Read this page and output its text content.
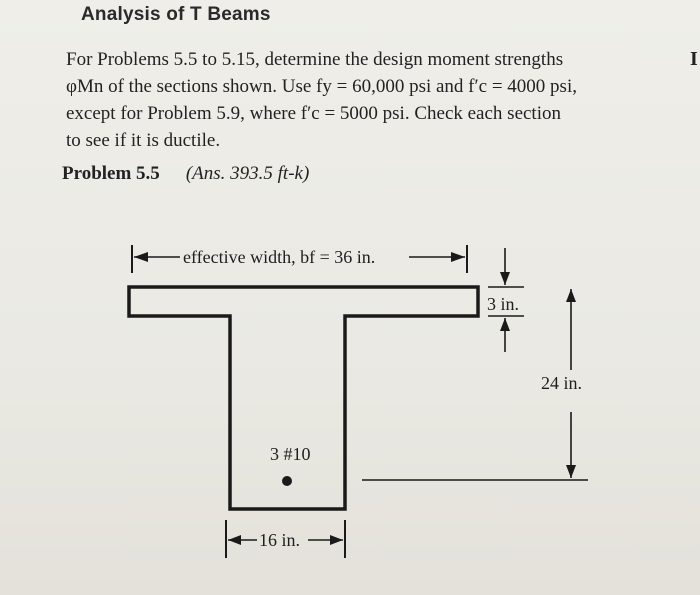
Analysis of T Beams
For Problems 5.5 to 5.15, determine the design moment strengths
φMn of the sections shown. Use fy = 60,000 psi and f′c = 4000 psi,
except for Problem 5.9, where f′c = 5000 psi. Check each section
to see if it is ductile.
Problem 5.5 (Ans. 393.5 ft-k)
I
effective width, bf = 36 in.
3 in.
24 in.
3 #10
16 in.
